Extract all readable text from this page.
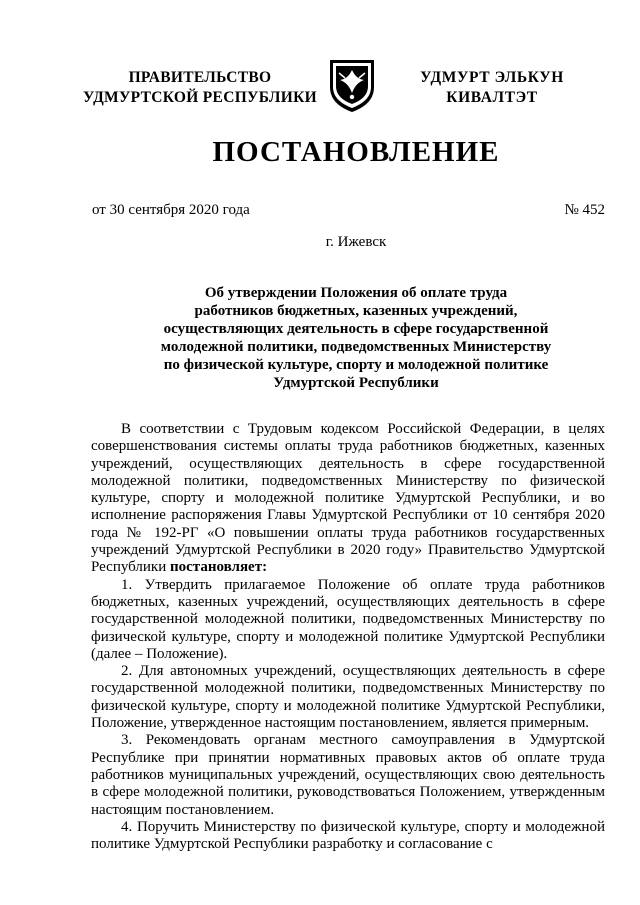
ПРАВИТЕЛЬСТВО
УДМУРТСКОЙ РЕСПУБЛИКИ
УДМУРТ ЭЛЬКУН
КИВАЛТЭТ
ПОСТАНОВЛЕНИЕ
от 30 сентября 2020 года	№ 452
г. Ижевск
Об утверждении Положения об оплате труда
работников бюджетных, казенных учреждений,
осуществляющих деятельность в сфере государственной
молодежной политики, подведомственных Министерству
по физической культуре, спорту и молодежной политике
Удмуртской Республики

В соответствии с Трудовым кодексом Российской Федерации, в целях совершенствования системы оплаты труда работников бюджетных, казенных учреждений, осуществляющих деятельность в сфере государственной молодежной политики, подведомственных Министерству по физической культуре, спорту и молодежной политике Удмуртской Республики, и во исполнение распоряжения Главы Удмуртской Республики от 10 сентября 2020 года № 192-РГ «О повышении оплаты труда работников государственных учреждений Удмуртской Республики в 2020 году» Правительство Удмуртской Республики постановляет:

1. Утвердить прилагаемое Положение об оплате труда работников бюджетных, казенных учреждений, осуществляющих деятельность в сфере государственной молодежной политики, подведомственных Министерству по физической культуре, спорту и молодежной политике Удмуртской Республики (далее – Положение).

2. Для автономных учреждений, осуществляющих деятельность в сфере государственной молодежной политики, подведомственных Министерству по физической культуре, спорту и молодежной политике Удмуртской Республики, Положение, утвержденное настоящим постановлением, является примерным.

3. Рекомендовать органам местного самоуправления в Удмуртской Республике при принятии нормативных правовых актов об оплате труда работников муниципальных учреждений, осуществляющих свою деятельность в сфере молодежной политики, руководствоваться Положением, утвержденным настоящим постановлением.

4. Поручить Министерству по физической культуре, спорту и молодежной политике Удмуртской Республики разработку и согласование с
